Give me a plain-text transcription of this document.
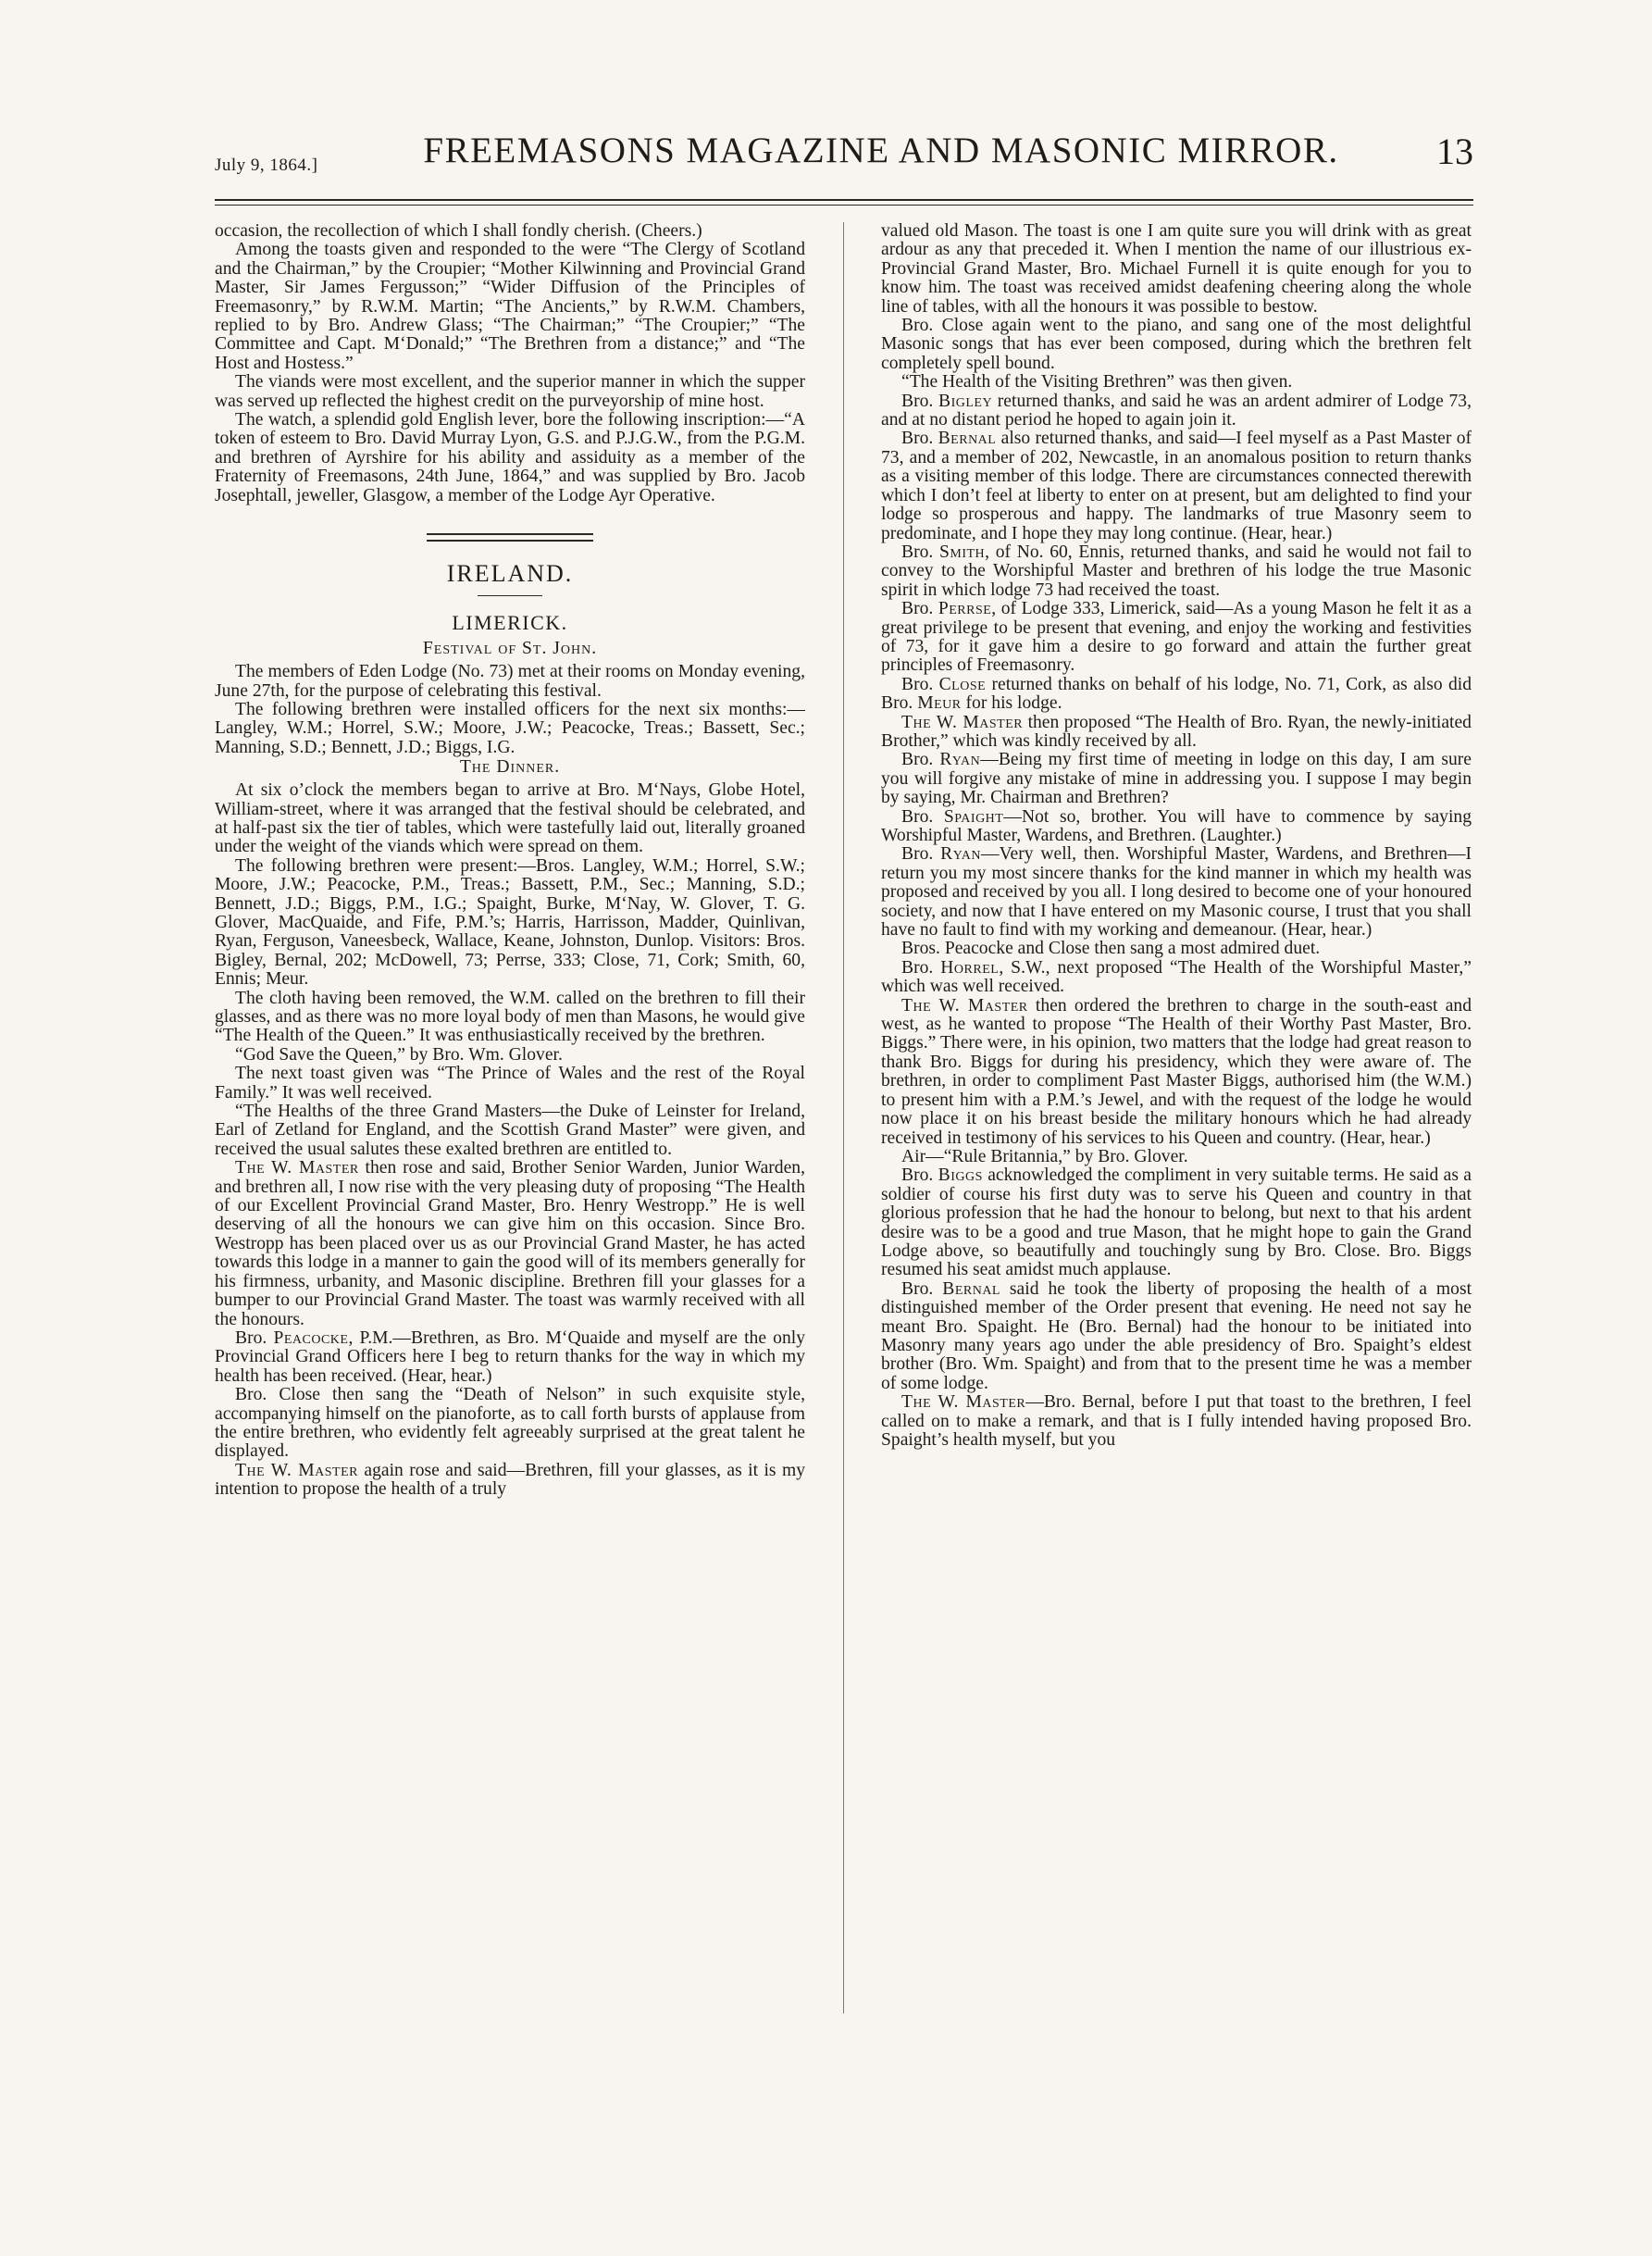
July 9, 1864.]	FREEMASONS MAGAZINE AND MASONIC MIRROR.	13

occasion, the recollection of which I shall fondly cherish. (Cheers.)

Among the toasts given and responded to the were “The Clergy of Scotland and the Chairman,” by the Croupier; “Mother Kilwinning and Provincial Grand Master, Sir James Fergusson;” “Wider Diffusion of the Principles of Freemasonry,” by R.W.M. Martin; “The Ancients,” by R.W.M. Chambers, replied to by Bro. Andrew Glass; “The Chairman;” “The Croupier;” “The Committee and Capt. M‘Donald;” “The Brethren from a distance;” and “The Host and Hostess.”

The viands were most excellent, and the superior manner in which the supper was served up reflected the highest credit on the purveyorship of mine host.

The watch, a splendid gold English lever, bore the following inscription:—“A token of esteem to Bro. David Murray Lyon, G.S. and P.J.G.W., from the P.G.M. and brethren of Ayrshire for his ability and assiduity as a member of the Fraternity of Freemasons, 24th June, 1864,” and was supplied by Bro. Jacob Josephtall, jeweller, Glasgow, a member of the Lodge Ayr Operative.

IRELAND.
LIMERICK.
Festival of St. John.

The members of Eden Lodge (No. 73) met at their rooms on Monday evening, June 27th, for the purpose of celebrating this festival.

The following brethren were installed officers for the next six months:—Langley, W.M.; Horrel, S.W.; Moore, J.W.; Peacocke, Treas.; Bassett, Sec.; Manning, S.D.; Bennett, J.D.; Biggs, I.G.

The Dinner.

At six o’clock the members began to arrive at Bro. M‘Nays, Globe Hotel, William-street, where it was arranged that the festival should be celebrated, and at half-past six the tier of tables, which were tastefully laid out, literally groaned under the weight of the viands which were spread on them.

The following brethren were present:—Bros. Langley, W.M.; Horrel, S.W.; Moore, J.W.; Peacocke, P.M., Treas.; Bassett, P.M., Sec.; Manning, S.D.; Bennett, J.D.; Biggs, P.M., I.G.; Spaight, Burke, M‘Nay, W. Glover, T. G. Glover, MacQuaide, and Fife, P.M.’s; Harris, Harrisson, Madder, Quinlivan, Ryan, Ferguson, Vaneesbeck, Wallace, Keane, Johnston, Dunlop. Visitors: Bros. Bigley, Bernal, 202; McDowell, 73; Perrse, 333; Close, 71, Cork; Smith, 60, Ennis; Meur.

The cloth having been removed, the W.M. called on the brethren to fill their glasses, and as there was no more loyal body of men than Masons, he would give “The Health of the Queen.” It was enthusiastically received by the brethren.

“God Save the Queen,” by Bro. Wm. Glover.

The next toast given was “The Prince of Wales and the rest of the Royal Family.” It was well received.

“The Healths of the three Grand Masters—the Duke of Leinster for Ireland, Earl of Zetland for England, and the Scottish Grand Master” were given, and received the usual salutes these exalted brethren are entitled to.

The W. Master then rose and said, Brother Senior Warden, Junior Warden, and brethren all, I now rise with the very pleasing duty of proposing “The Health of our Excellent Provincial Grand Master, Bro. Henry Westropp.” He is well deserving of all the honours we can give him on this occasion. Since Bro. Westropp has been placed over us as our Provincial Grand Master, he has acted towards this lodge in a manner to gain the good will of its members generally for his firmness, urbanity, and Masonic discipline. Brethren fill your glasses for a bumper to our Provincial Grand Master. The toast was warmly received with all the honours.

Bro. Peacocke, P.M.—Brethren, as Bro. M‘Quaide and myself are the only Provincial Grand Officers here I beg to return thanks for the way in which my health has been received. (Hear, hear.)

Bro. Close then sang the “Death of Nelson” in such exquisite style, accompanying himself on the pianoforte, as to call forth bursts of applause from the entire brethren, who evidently felt agreeably surprised at the great talent he displayed.

The W. Master again rose and said—Brethren, fill your glasses, as it is my intention to propose the health of a truly

valued old Mason. The toast is one I am quite sure you will drink with as great ardour as any that preceded it. When I mention the name of our illustrious ex-Provincial Grand Master, Bro. Michael Furnell it is quite enough for you to know him. The toast was received amidst deafening cheering along the whole line of tables, with all the honours it was possible to bestow.

Bro. Close again went to the piano, and sang one of the most delightful Masonic songs that has ever been composed, during which the brethren felt completely spell bound.

“The Health of the Visiting Brethren” was then given.

Bro. Bigley returned thanks, and said he was an ardent admirer of Lodge 73, and at no distant period he hoped to again join it.

Bro. Bernal also returned thanks, and said—I feel myself as a Past Master of 73, and a member of 202, Newcastle, in an anomalous position to return thanks as a visiting member of this lodge. There are circumstances connected therewith which I don’t feel at liberty to enter on at present, but am delighted to find your lodge so prosperous and happy. The landmarks of true Masonry seem to predominate, and I hope they may long continue. (Hear, hear.)

Bro. Smith, of No. 60, Ennis, returned thanks, and said he would not fail to convey to the Worshipful Master and brethren of his lodge the true Masonic spirit in which lodge 73 had received the toast.

Bro. Perrse, of Lodge 333, Limerick, said—As a young Mason he felt it as a great privilege to be present that evening, and enjoy the working and festivities of 73, for it gave him a desire to go forward and attain the further great principles of Freemasonry.

Bro. Close returned thanks on behalf of his lodge, No. 71, Cork, as also did Bro. Meur for his lodge.

The W. Master then proposed “The Health of Bro. Ryan, the newly-initiated Brother,” which was kindly received by all.

Bro. Ryan—Being my first time of meeting in lodge on this day, I am sure you will forgive any mistake of mine in addressing you. I suppose I may begin by saying, Mr. Chairman and Brethren?

Bro. Spaight—Not so, brother. You will have to commence by saying Worshipful Master, Wardens, and Brethren. (Laughter.)

Bro. Ryan—Very well, then. Worshipful Master, Wardens, and Brethren—I return you my most sincere thanks for the kind manner in which my health was proposed and received by you all. I long desired to become one of your honoured society, and now that I have entered on my Masonic course, I trust that you shall have no fault to find with my working and demeanour. (Hear, hear.)

Bros. Peacocke and Close then sang a most admired duet.

Bro. Horrel, S.W., next proposed “The Health of the Worshipful Master,” which was well received.

The W. Master then ordered the brethren to charge in the south-east and west, as he wanted to propose “The Health of their Worthy Past Master, Bro. Biggs.” There were, in his opinion, two matters that the lodge had great reason to thank Bro. Biggs for during his presidency, which they were aware of. The brethren, in order to compliment Past Master Biggs, authorised him (the W.M.) to present him with a P.M.’s Jewel, and with the request of the lodge he would now place it on his breast beside the military honours which he had already received in testimony of his services to his Queen and country. (Hear, hear.)

Air—“Rule Britannia,” by Bro. Glover.

Bro. Biggs acknowledged the compliment in very suitable terms. He said as a soldier of course his first duty was to serve his Queen and country in that glorious profession that he had the honour to belong, but next to that his ardent desire was to be a good and true Mason, that he might hope to gain the Grand Lodge above, so beautifully and touchingly sung by Bro. Close. Bro. Biggs resumed his seat amidst much applause.

Bro. Bernal said he took the liberty of proposing the health of a most distinguished member of the Order present that evening. He need not say he meant Bro. Spaight. He (Bro. Bernal) had the honour to be initiated into Masonry many years ago under the able presidency of Bro. Spaight’s eldest brother (Bro. Wm. Spaight) and from that to the present time he was a member of some lodge.

The W. Master—Bro. Bernal, before I put that toast to the brethren, I feel called on to make a remark, and that is I fully intended having proposed Bro. Spaight’s health myself, but you
